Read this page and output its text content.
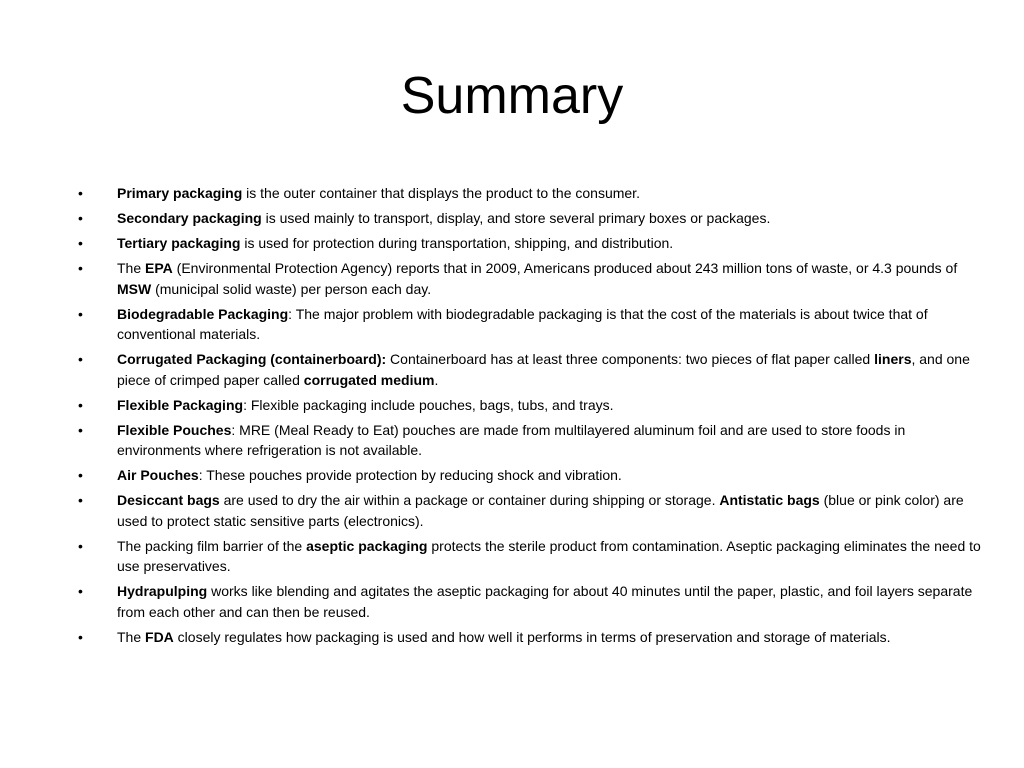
Summary
•	Primary packaging is the outer container that displays the product to the consumer.
•	Secondary packaging is used mainly to transport, display, and store several primary boxes or packages.
•	Tertiary packaging is used for protection during transportation, shipping, and distribution.
•	The EPA (Environmental Protection Agency) reports that in 2009, Americans produced about 243 million tons of waste, or 4.3 pounds of MSW (municipal solid waste) per person each day.
•	Biodegradable Packaging: The major problem with biodegradable packaging is that the cost of the materials is about twice that of conventional materials.
•	Corrugated Packaging (containerboard): Containerboard has at least three components: two pieces of flat paper called liners, and one piece of crimped paper called corrugated medium.
•	Flexible Packaging: Flexible packaging include pouches, bags, tubs, and trays.
•	Flexible Pouches: MRE (Meal Ready to Eat) pouches are made from multilayered aluminum foil and are used to store foods in environments where refrigeration is not available.
•	Air Pouches: These pouches provide protection by reducing shock and vibration.
•	Desiccant bags are used to dry the air within a package or container during shipping or storage. Antistatic bags (blue or pink color) are used to protect static sensitive parts (electronics).
•	The packing film barrier of the aseptic packaging protects the sterile product from contamination. Aseptic packaging eliminates the need to use preservatives.
•	Hydrapulping works like blending and agitates the aseptic packaging for about 40 minutes until the paper, plastic, and foil layers separate from each other and can then be reused.
•	The FDA closely regulates how packaging is used and how well it performs in terms of preservation and storage of materials.
